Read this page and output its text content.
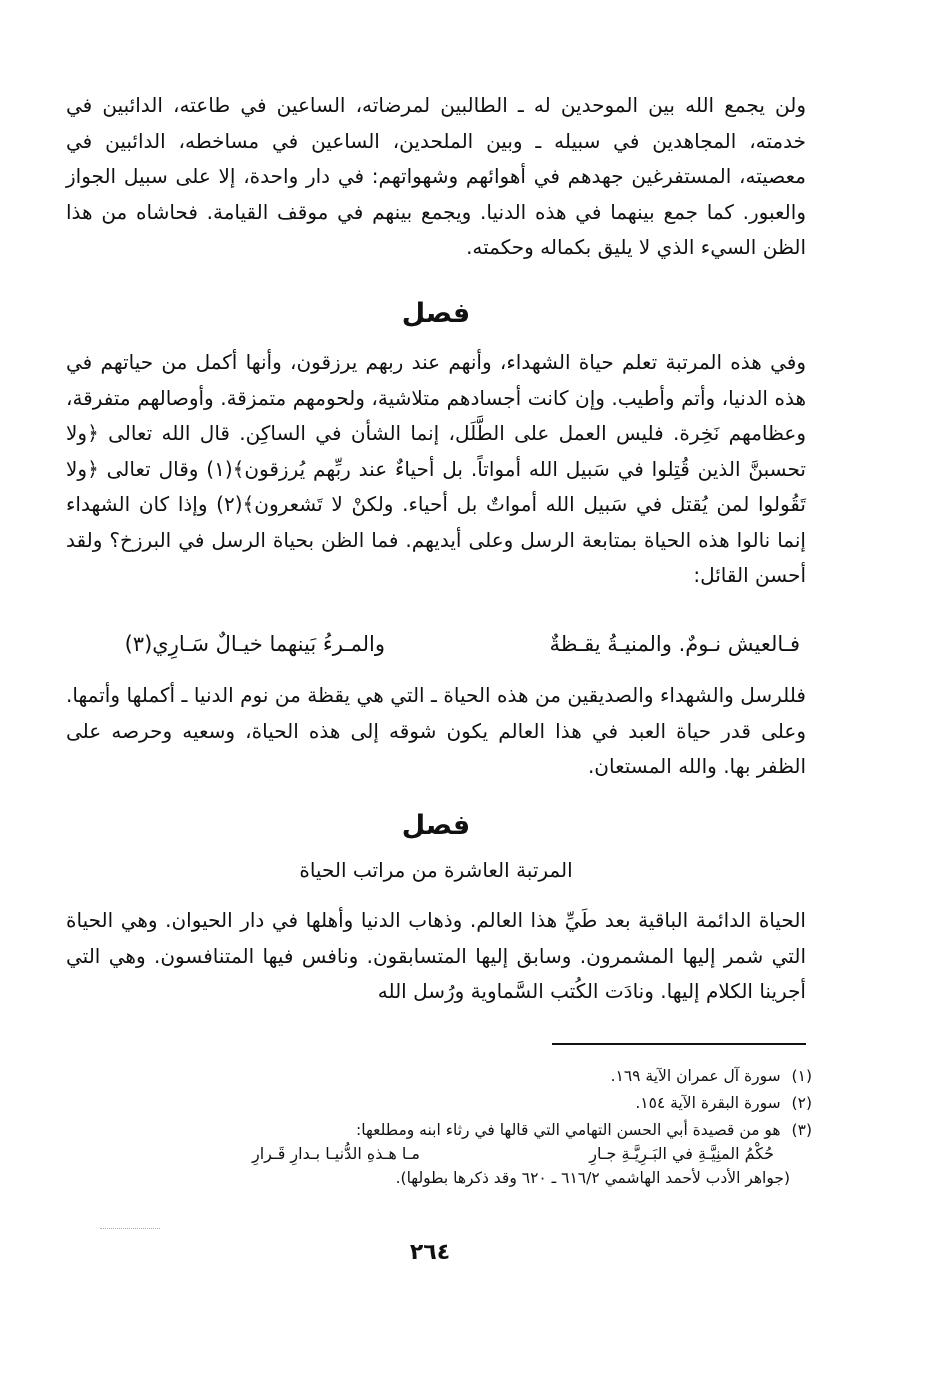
ولن يجمع الله بين الموحدين له ـ الطالبين لمرضاته، الساعين في طاعته، الدائبين في خدمته، المجاهدين في سبيله ـ وبين الملحدين، الساعين في مساخطه، الدائبين في معصيته، المستفرغين جهدهم في أهوائهم وشهواتهم: في دار واحدة، إلا على سبيل الجواز والعبور. كما جمع بينهما في هذه الدنيا. ويجمع بينهم في موقف القيامة. فحاشاه من هذا الظن السيء الذي لا يليق بكماله وحكمته.

فصل

وفي هذه المرتبة تعلم حياة الشهداء، وأنهم عند ربهم يرزقون، وأنها أكمل من حياتهم في هذه الدنيا، وأتم وأطيب. وإن كانت أجسادهم متلاشية، ولحومهم متمزقة. وأوصالهم متفرقة، وعظامهم نَخِرة. فليس العمل على الطَّلَل، إنما الشأن في الساكِن. قال الله تعالى ﴿ولا تحسبنَّ الذين قُتِلوا في سَبيل الله أمواتاً. بل أحياءٌ عند ربِّهم يُرزقون﴾(١) وقال تعالى ﴿ولا تَقُولوا لمن يُقتل في سَبيل الله أمواتٌ بل أحياء. ولكنْ لا تَشعرون﴾(٢) وإذا كان الشهداء إنما نالوا هذه الحياة بمتابعة الرسل وعلى أيديهم. فما الظن بحياة الرسل في البرزخ؟ ولقد أحسن القائل:

فـالعيش نـومٌ. والمنيـةُ يقـظةٌ
والمـرءُ بَينهما خيـالٌ سَـارِي(٣)

فللرسل والشهداء والصديقين من هذه الحياة ـ التي هي يقظة من نوم الدنيا ـ أكملها وأتمها. وعلى قدر حياة العبد في هذا العالم يكون شوقه إلى هذه الحياة، وسعيه وحرصه على الظفر بها. والله المستعان.

فصل
المرتبة العاشرة من مراتب الحياة

الحياة الدائمة الباقية بعد طَيِّ هذا العالم. وذهاب الدنيا وأهلها في دار الحيوان. وهي الحياة التي شمر إليها المشمرون. وسابق إليها المتسابقون. ونافس فيها المتنافسون. وهي التي أجرينا الكلام إليها. ونادَت الكُتب السَّماوية ورُسل الله

(١) سورة آل عمران الآية ١٦٩.
(٢) سورة البقرة الآية ١٥٤.
(٣) هو من قصيدة أبي الحسن التهامي التي قالها في رثاء ابنه ومطلعها:
حُكْمُ المنِيَّـةِ في البَـرِيَّـةِ جـارِ
مـا هـذهِ الدُّنيـا بـدارِ قَـرارِ
(جواهر الأدب لأحمد الهاشمي ٦١٦/٢ ـ ٦٢٠ وقد ذكرها بطولها).
٢٦٤
